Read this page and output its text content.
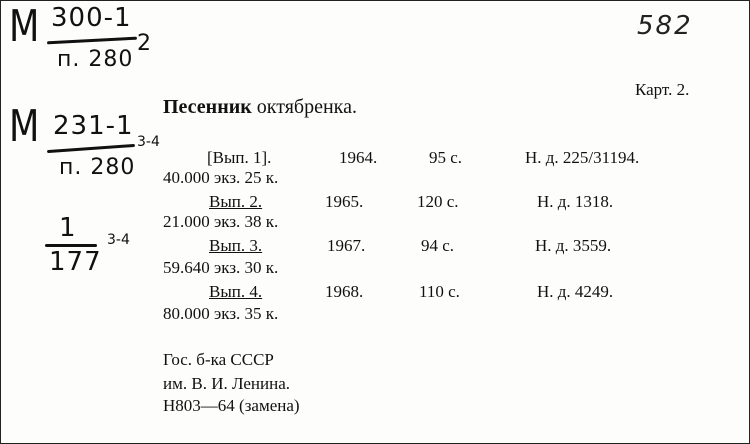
М 300-1
п. 280
2
М 231-1
п. 280
3-4
1
177
3-4
582
Карт. 2.
Песенник октябренка.
[Вып. 1].	1964.	95 с.	Н. д. 225/31194.
40.000 экз. 25 к.
Вып. 2.	1965.	120 с.	Н. д. 1318.
21.000 экз. 38 к.
Вып. 3.	1967.	94 с.	Н. д. 3559.
59.640 экз. 30 к.
Вып. 4.	1968.	110 с.	Н. д. 4249.
80.000 экз. 35 к.
Гос. б-ка СССР
им. В. И. Ленина.
Н803—64 (замена)
